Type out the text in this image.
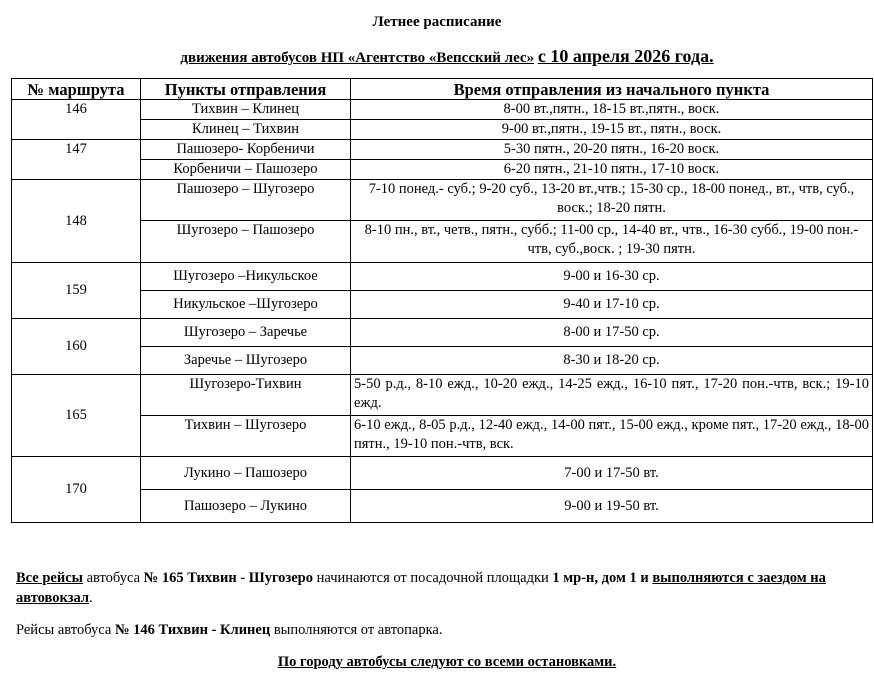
Летнее расписание
движения автобусов НП «Агентство «Вепсский лес» с 10 апреля 2026 года.
№ маршрута	Пункты отправления	Время отправления из начального пункта
146	Тихвин – Клинец	8-00 вт.,пятн., 18-15 вт.,пятн., воск.
	Клинец – Тихвин	9-00 вт.,пятн., 19-15 вт., пятн., воск.
147	Пашозеро- Корбеничи	5-30 пятн., 20-20 пятн., 16-20 воск.
	Корбеничи – Пашозеро	6-20 пятн., 21-10 пятн., 17-10 воск.
148	Пашозеро – Шугозеро	7-10 понед.- суб.; 9-20 суб., 13-20 вт.,чтв.; 15-30 ср., 18-00 понед., вт., чтв, суб., воск.; 18-20 пятн.
	Шугозеро – Пашозеро	8-10 пн., вт., четв., пятн., субб.; 11-00 ср., 14-40 вт., чтв., 16-30 субб., 19-00 пон.-чтв, суб.,воск. ; 19-30 пятн.
159	Шугозеро –Никульское	9-00 и 16-30 ср.
	Никульское –Шугозеро	9-40 и 17-10 ср.
160	Шугозеро – Заречье	8-00 и 17-50 ср.
	Заречье – Шугозеро	8-30 и 18-20 ср.
165	Шугозеро-Тихвин	5-50 р.д., 8-10 ежд., 10-20 ежд., 14-25 ежд., 16-10 пят., 17-20 пон.-чтв, вск.; 19-10 ежд.
	Тихвин – Шугозеро	6-10 ежд., 8-05 р.д., 12-40 ежд., 14-00 пят., 15-00 ежд., кроме пят., 17-20 ежд., 18-00 пятн., 19-10 пон.-чтв, вск.
170	Лукино – Пашозеро	7-00 и 17-50 вт.
	Пашозеро – Лукино	9-00 и 19-50 вт.
Все рейсы автобуса № 165 Тихвин - Шугозеро начинаются от посадочной площадки 1 мр-н, дом 1 и выполняются с заездом на автовокзал.
Рейсы автобуса № 146 Тихвин - Клинец выполняются от автопарка.
По городу автобусы следуют со всеми остановками.
